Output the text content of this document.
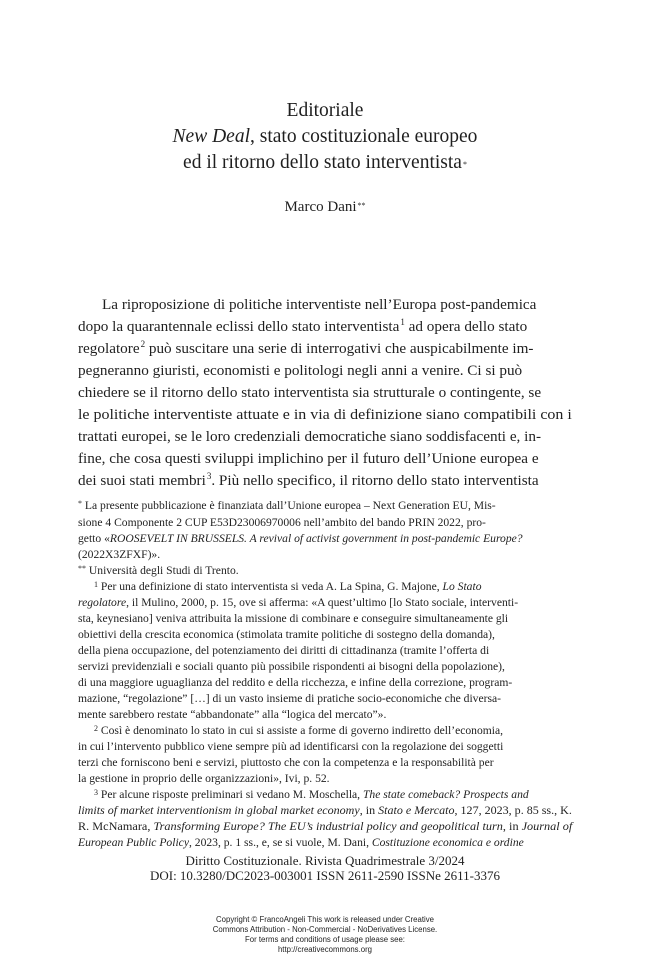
Editoriale
New Deal, stato costituzionale europeo
ed il ritorno dello stato interventista*
Marco Dani**
La riproposizione di politiche interventiste nell’Europa post-pandemica
dopo la quarantennale eclissi dello stato interventista$^1$ ad opera dello stato
regolatore$^2$ può suscitare una serie di interrogativi che auspicabilmente im-
pegneranno giuristi, economisti e politologi negli anni a venire. Ci si può
chiedere se il ritorno dello stato interventista sia strutturale o contingente, se
le politiche interventiste attuate e in via di definizione siano compatibili con i
trattati europei, se le loro credenziali democratiche siano soddisfacenti e, in-
fine, che cosa questi sviluppi implichino per il futuro dell’Unione europea e
dei suoi stati membri$^3$. Più nello specifico, il ritorno dello stato interventista
* La presente pubblicazione è finanziata dall’Unione europea – Next Generation EU, Mis-
sione 4 Componente 2 CUP E53D23006970006 nell’ambito del bando PRIN 2022, pro-
getto «ROOSEVELT IN BRUSSELS. A revival of activist government in post-pandemic Europe?
(2022X3ZFXF)».
** Università degli Studi di Trento.
$^1$ Per una definizione di stato interventista si veda A. La Spina, G. Majone, Lo Stato
regolatore, il Mulino, 2000, p. 15, ove si afferma: «A quest’ultimo [lo Stato sociale, interventi-
sta, keynesiano] veniva attribuita la missione di combinare e conseguire simultaneamente gli
obiettivi della crescita economica (stimolata tramite politiche di sostegno della domanda),
della piena occupazione, del potenziamento dei diritti di cittadinanza (tramite l’offerta di
servizi previdenziali e sociali quanto più possibile rispondenti ai bisogni della popolazione),
di una maggiore uguaglianza del reddito e della ricchezza, e infine della correzione, program-
mazione, “regolazione” […] di un vasto insieme di pratiche socio-economiche che diversa-
mente sarebbero restate “abbandonate” alla “logica del mercato”».
$^2$ Così è denominato lo stato in cui si assiste a forme di governo indiretto dell’economia,
in cui l’intervento pubblico viene sempre più ad identificarsi con la regolazione dei soggetti
terzi che forniscono beni e servizi, piuttosto che con la competenza e la responsabilità per
la gestione in proprio delle organizzazioni», Ivi, p. 52.
$^3$ Per alcune risposte preliminari si vedano M. Moschella, The state comeback? Prospects and
limits of market interventionism in global market economy, in Stato e Mercato, 127, 2023, p. 85 ss., K.
R. McNamara, Transforming Europe? The EU’s industrial policy and geopolitical turn, in Journal of
European Public Policy, 2023, p. 1 ss., e, se si vuole, M. Dani, Costituzione economica e ordine
Diritto Costituzionale. Rivista Quadrimestrale 3/2024
DOI: 10.3280/DC2023-003001 ISSN 2611-2590 ISSNe 2611-3376
Copyright © FrancoAngeli This work is released under Creative
Commons Attribution - Non-Commercial - NoDerivatives License.
For terms and conditions of usage please see:
http://creativecommons.org
